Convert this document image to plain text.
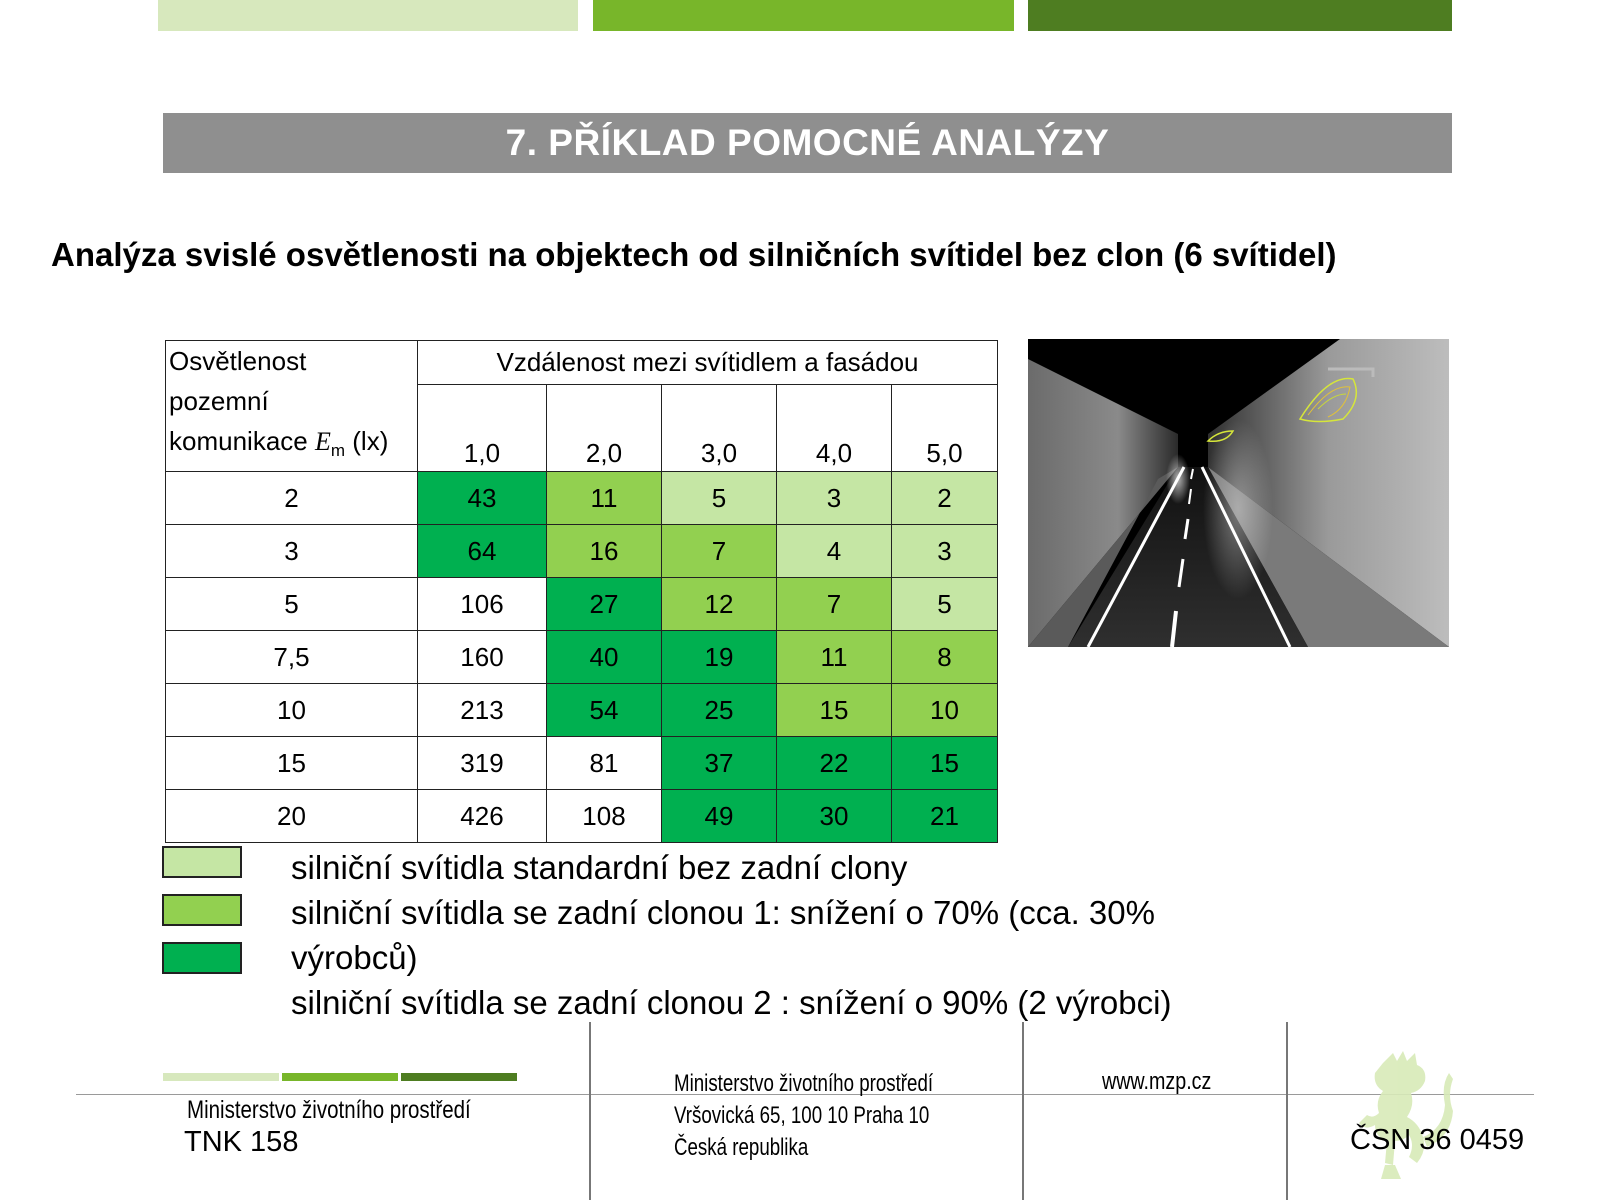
7. PŘÍKLAD POMOCNÉ ANALÝZY
Analýza svislé osvětlenosti na objektech od silničních svítidel bez clon (6 svítidel)
Osvětlenost
pozemní
komunikace $E_m$ (lx)	Vzdálenost mezi svítidlem a fasádou				
	1,0	2,0	3,0	4,0	5,0
2	43	11	5	3	2
3	64	16	7	4	3
5	106	27	12	7	5
7,5	160	40	19	11	8
10	213	54	25	15	10
15	319	81	37	22	15
20	426	108	49	30	21
silniční svítidla standardní bez zadní clony
silniční svítidla se zadní clonou 1: snížení o 70% (cca. 30%
výrobců)
silniční svítidla se zadní clonou 2 : snížení o 90% (2 výrobci)
Ministerstvo životního prostředí
TNK 158
Ministerstvo životního prostředí
Vršovická 65, 100 10 Praha 10
Česká republika
www.mzp.cz
ČSN 36 0459
